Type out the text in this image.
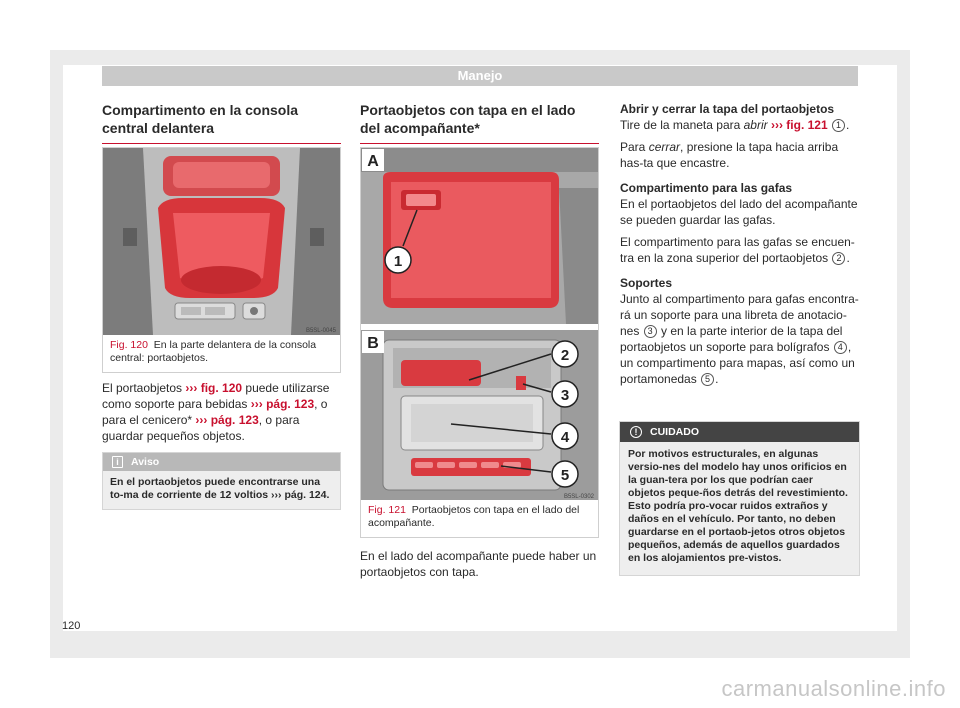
Manejo
Compartimento en la consola central delantera
B5SL-0045
Fig. 120 En la parte delantera de la consola central: portaobjetos.
El portaobjetos ››› fig. 120 puede utilizarse como soporte para bebidas ››› pág. 123, o para el cenicero* ››› pág. 123, o para guardar pequeños objetos.
i	Aviso
En el portaobjetos puede encontrarse una to-ma de corriente de 12 voltios ››› pág. 124.
Portaobjetos con tapa en el lado del acompañante*
A
1
B
2
3
4
5
B5SL-0302
Fig. 121 Portaobjetos con tapa en el lado del acompañante.
En el lado del acompañante puede haber un portaobjetos con tapa.
Abrir y cerrar la tapa del portaobjetos

Tire de la maneta para abrir ››› fig. 121 1 .

Para cerrar, presione la tapa hacia arriba has-ta que encastre.

Compartimento para las gafas

En el portaobjetos del lado del acompañante se pueden guardar las gafas.

El compartimento para las gafas se encuen-tra en la zona superior del portaobjetos 2 .

Soportes

Junto al compartimento para gafas encontra-rá un soporte para una libreta de anotacio-nes 3 y en la parte interior de la tapa del portaobjetos un soporte para bolígrafos 4 , un compartimento para mapas, así como un portamonedas 5 .

!	CUIDADO
Por motivos estructurales, en algunas versio-nes del modelo hay unos orificios en la guan-tera por los que podrían caer objetos peque-ños detrás del revestimiento. Esto podría pro-vocar ruidos extraños y daños en el vehículo. Por tanto, no deben guardarse en el portaob-jetos otros objetos pequeños, además de aquellos guardados en los alojamientos pre-vistos.
120
carmanualsonline.info
